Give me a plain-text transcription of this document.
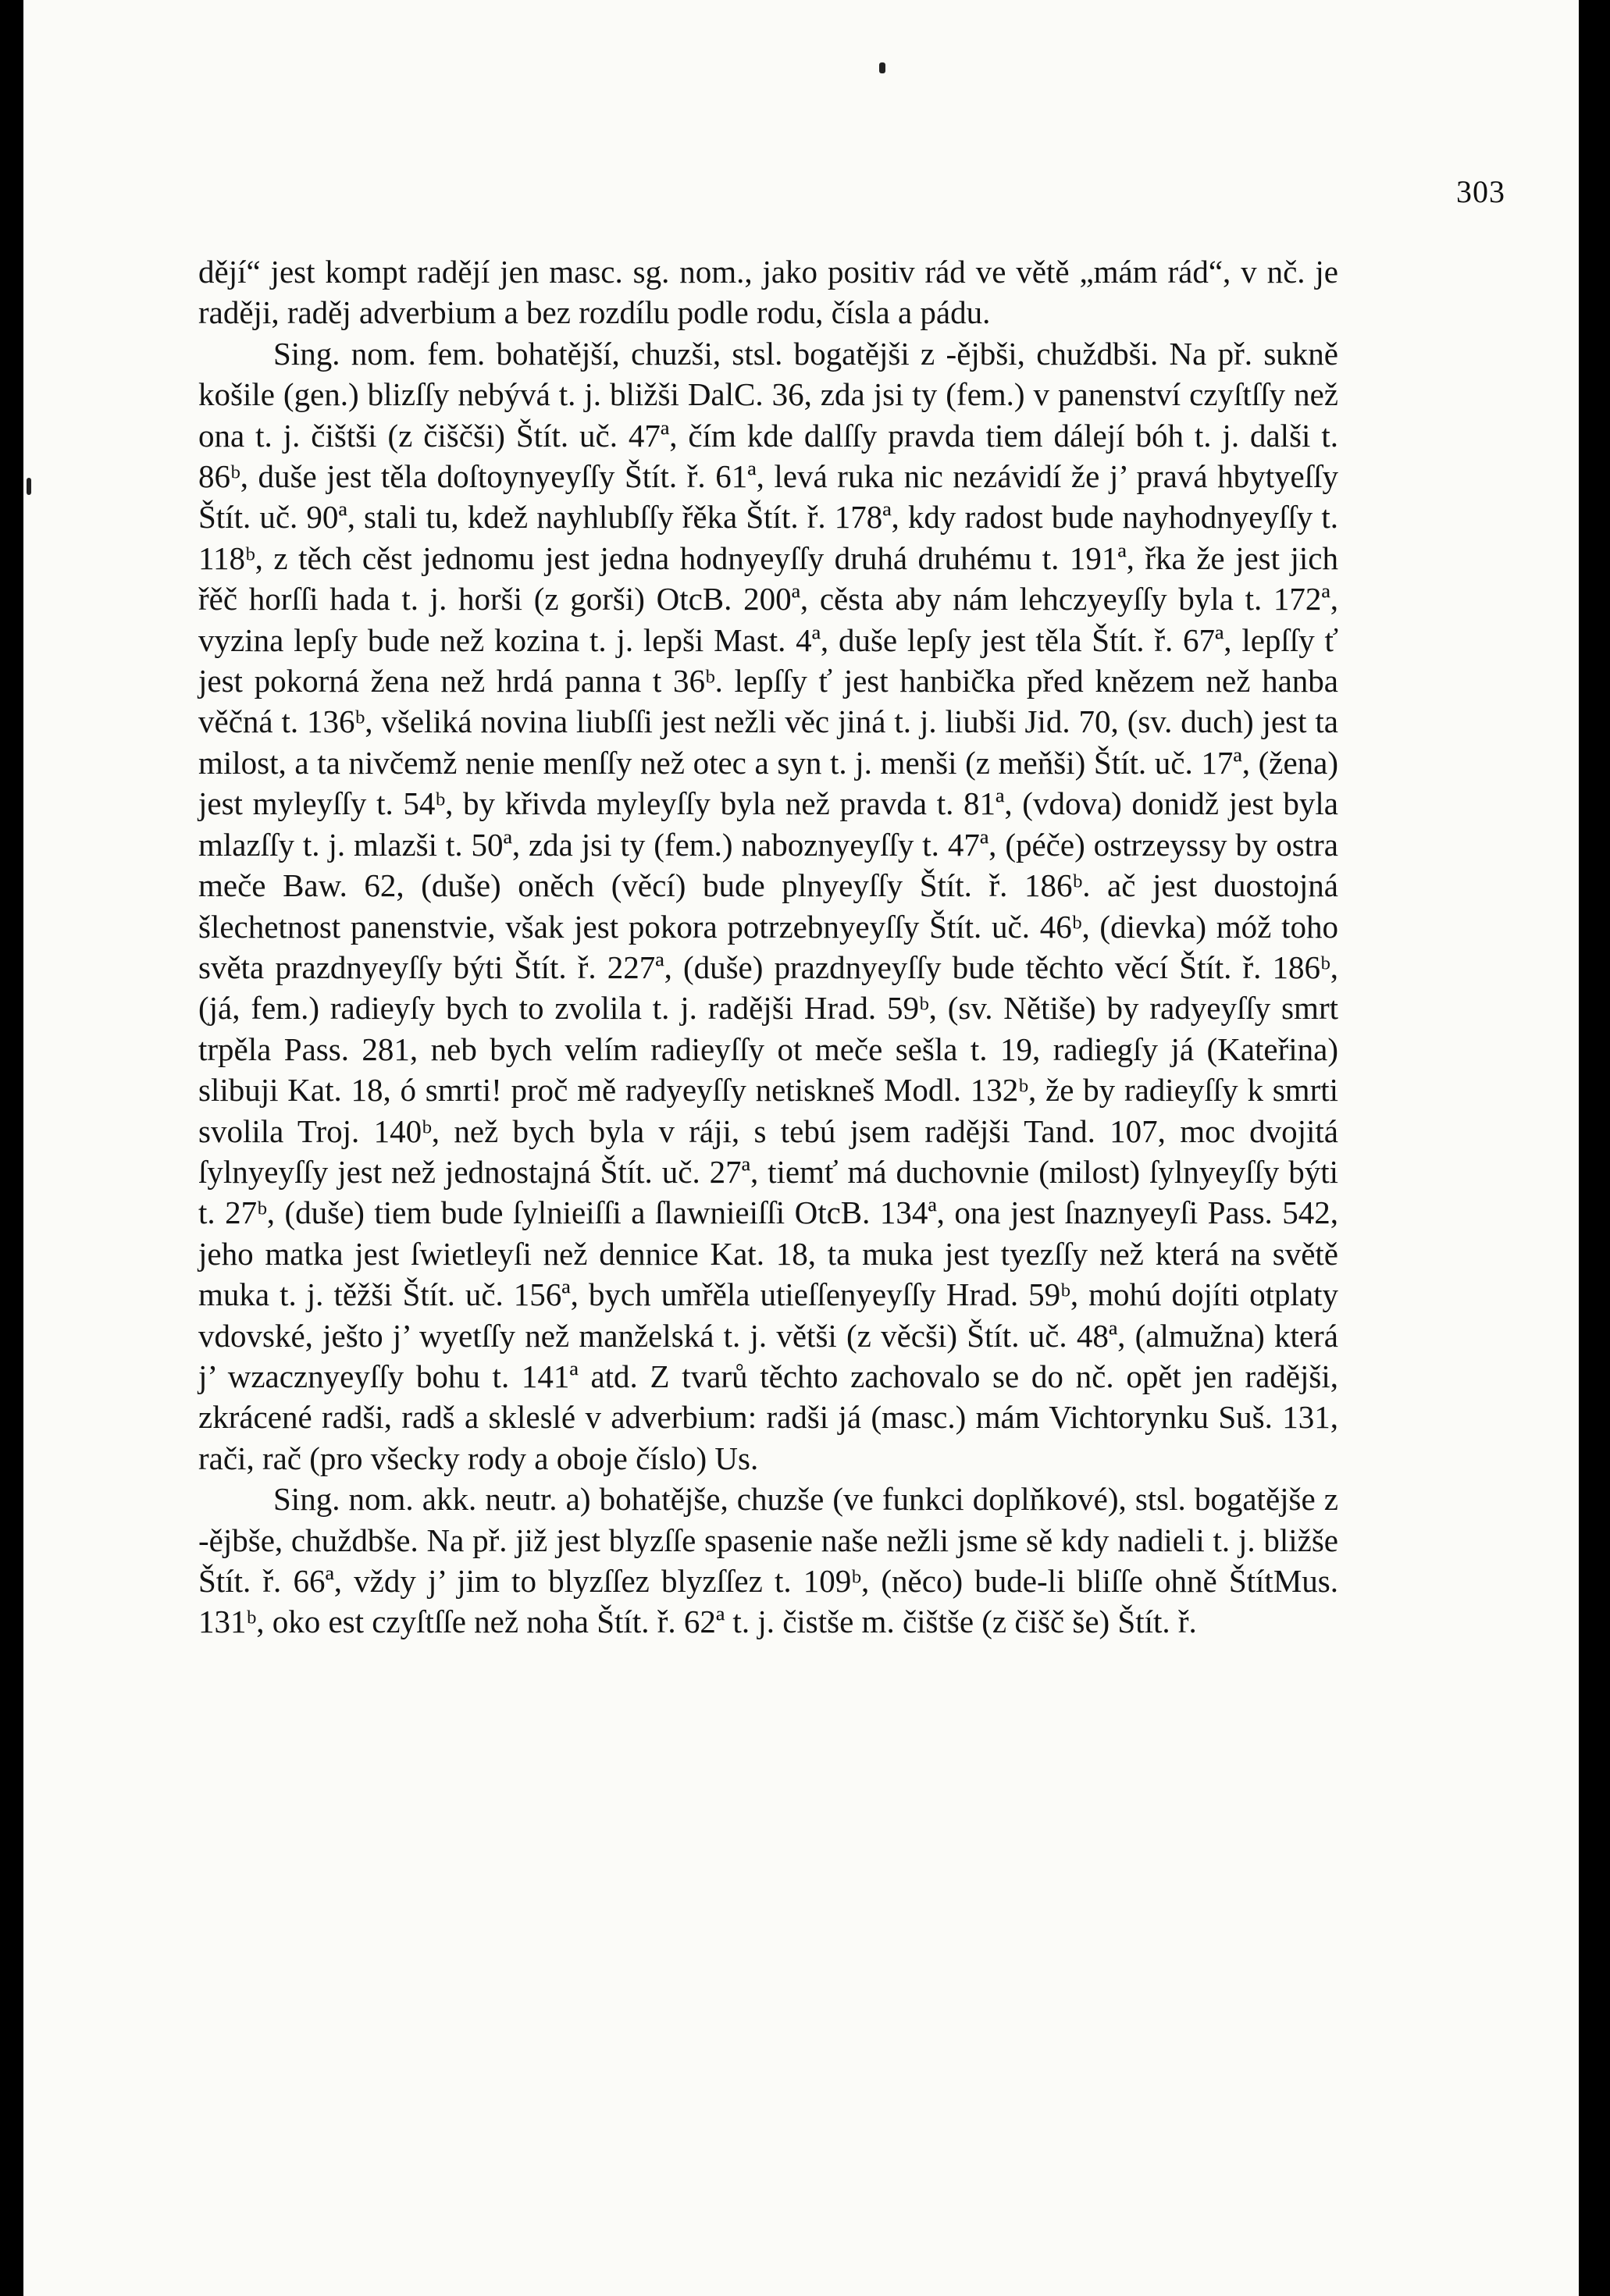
303

dějí“ jest kompt radějí jen masc. sg. nom., jako positiv rád ve větě „mám rád“, v nč. je raději, raděj adverbium a bez rozdílu podle rodu, čísla a pádu.

Sing. nom. fem. bohatější, chuzši, stsl. bogatějši z -ějbši, chuždbši. Na př. sukně košile (gen.) blizſſy nebývá t. j. bližši DalC. 36, zda jsi ty (fem.) v panenství czyſtſſy než ona t. j. čištši (z čiščši) Štít. uč. 47ª, čím kde dalſſy pravda tiem dálejí bóh t. j. dalši t. 86ᵇ, duše jest těla doſtoynyeyſſy Štít. ř. 61ª, levá ruka nic nezávidí že j’ pravá hbytyeſſy Štít. uč. 90ª, stali tu, kdež nayhlubſſy řěka Štít. ř. 178ª, kdy radost bude nayhodnyeyſſy t. 118ᵇ, z těch cěst jednomu jest jedna hodnyeyſſy druhá druhému t. 191ª, řka že jest jich řěč horſſi hada t. j. horši (z gorši) OtcB. 200ª, cěsta aby nám lehczyeyſſy byla t. 172ª, vyzina lepſy bude než kozina t. j. lepši Mast. 4ª, duše lepſy jest těla Štít. ř. 67ª, lepſſy ť jest pokorná žena než hrdá panna t 36ᵇ. lepſſy ť jest hanbička před knězem než hanba věčná t. 136ᵇ, všeliká novina liubſſi jest nežli věc jiná t. j. liubši Jid. 70, (sv. duch) jest ta milost, a ta nivčemž nenie menſſy než otec a syn t. j. menši (z meňši) Štít. uč. 17ª, (žena) jest myleyſſy t. 54ᵇ, by křivda myleyſſy byla než pravda t. 81ª, (vdova) donidž jest byla mlazſſy t. j. mlazši t. 50ª, zda jsi ty (fem.) naboznyeyſſy t. 47ª, (péče) ostrzeyssy by ostra meče Baw. 62, (duše) oněch (věcí) bude plnyeyſſy Štít. ř. 186ᵇ. ač jest duostojná šlechetnost panenstvie, však jest pokora potrzebnyeyſſy Štít. uč. 46ᵇ, (dievka) móž toho světa prazdnyeyſſy býti Štít. ř. 227ª, (duše) prazdnyeyſſy bude těchto věcí Štít. ř. 186ᵇ, (já, fem.) radieyſy bych to zvolila t. j. radějši Hrad. 59ᵇ, (sv. Nětiše) by radyeyſſy smrt trpěla Pass. 281, neb bych velím radieyſſy ot meče sešla t. 19, radiegſy já (Kateřina) slibuji Kat. 18, ó smrti! proč mě radyeyſſy netiskneš Modl. 132ᵇ, že by radieyſſy k smrti svolila Troj. 140ᵇ, než bych byla v ráji, s tebú jsem radějši Tand. 107, moc dvojitá ſylnyeyſſy jest než jednostajná Štít. uč. 27ª, tiemť má duchovnie (milost) ſylnyeyſſy býti t. 27ᵇ, (duše) tiem bude ſylnieiſſi a ſlawnieiſſi OtcB. 134ª, ona jest ſnaznyeyſi Pass. 542, jeho matka jest ſwietleyſi než dennice Kat. 18, ta muka jest tyezſſy než která na světě muka t. j. těžši Štít. uč. 156ª, bych umřěla utieſſenyeyſſy Hrad. 59ᵇ, mohú dojíti otplaty vdovské, ješto j’ wyetſſy než manželská t. j. větši (z věcši) Štít. uč. 48ª, (almužna) která j’ wzacznyeyſſy bohu t. 141ª atd. Z tvarů těchto zachovalo se do nč. opět jen radějši, zkrácené radši, radš a skleslé v adverbium: radši já (masc.) mám Vichtorynku Suš. 131, rači, rač (pro všecky rody a oboje číslo) Us.

Sing. nom. akk. neutr. a) bohatějše, chuzše (ve funkci doplňkové), stsl. bogatějše z -ějbše, chuždbše. Na př. již jest blyzſſe spasenie naše nežli jsme sě kdy nadieli t. j. bližše Štít. ř. 66ª, vždy j’ jim to blyzſſez blyzſſez t. 109ᵇ, (něco) bude-li bliſſe ohně ŠtítMus. 131ᵇ, oko est czyſtſſe než noha Štít. ř. 62ª t. j. čistše m. čištše (z čišč še) Štít. ř.
